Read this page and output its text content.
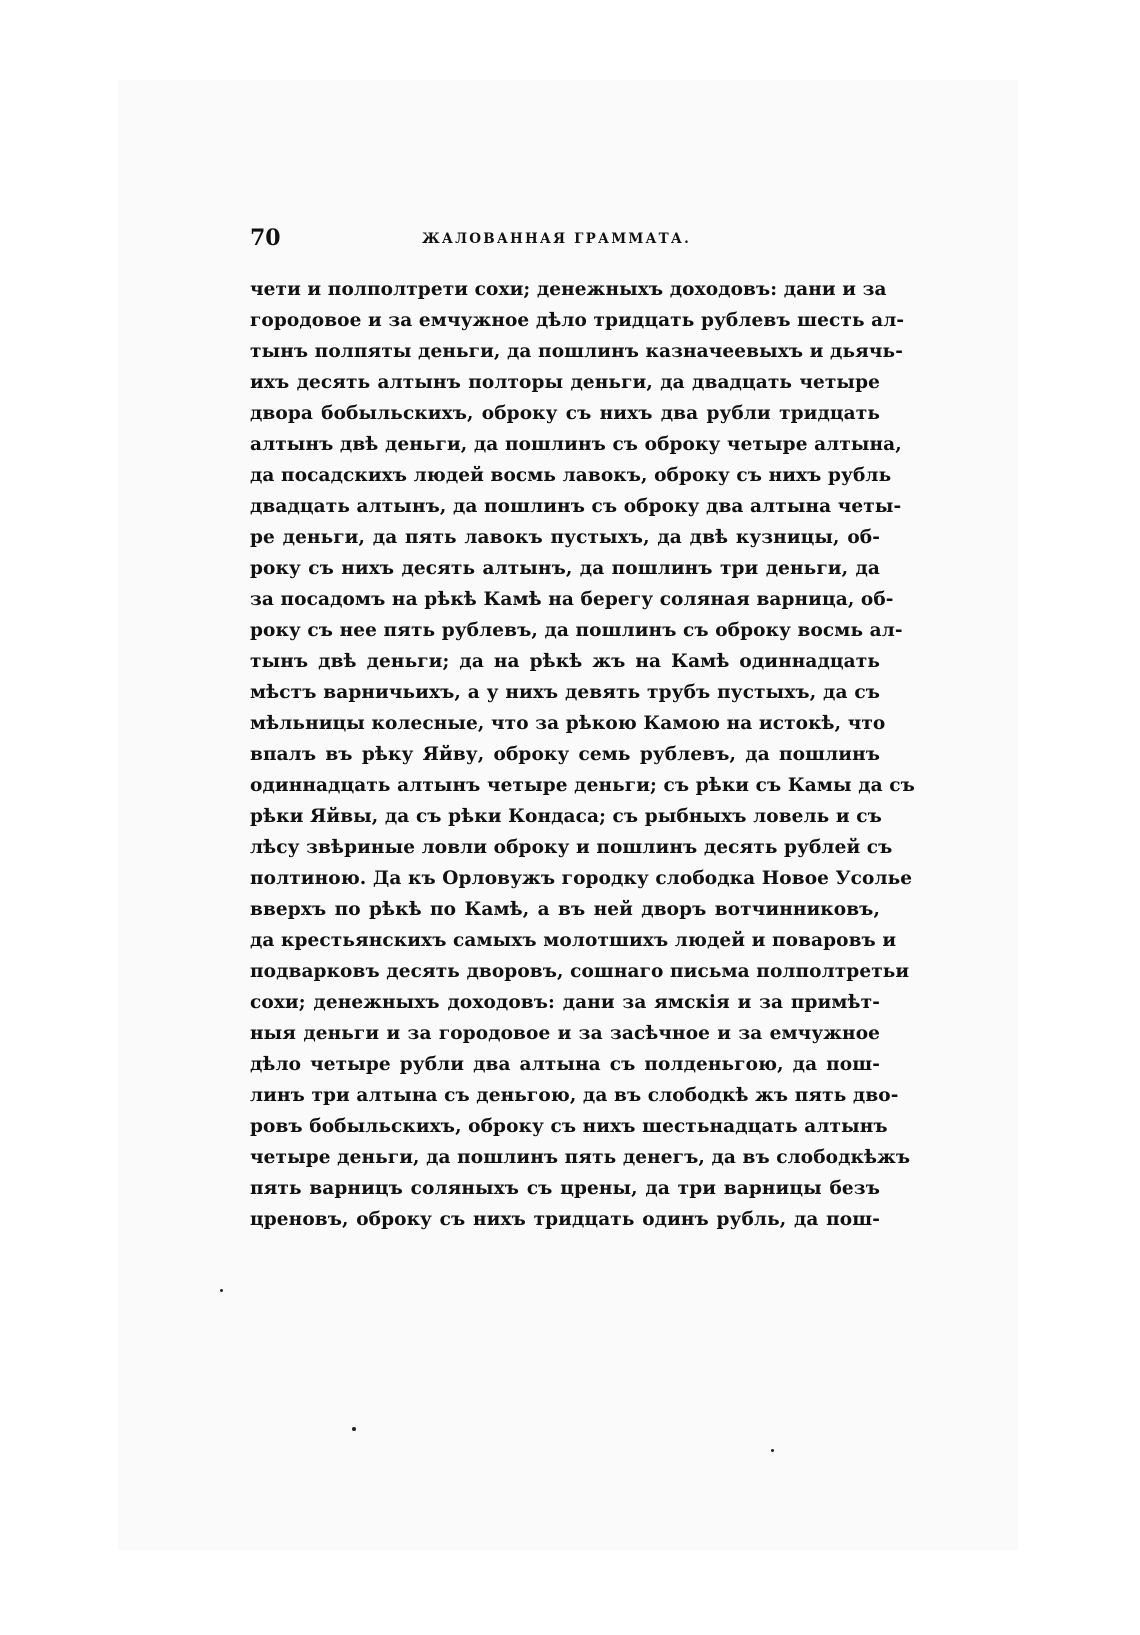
70	ЖАЛОВАННАЯ ГРАММАТА.
чети и полполтрети сохи; денежныхъ доходовъ: дани и за
городовое и за емчужное дѣло тридцать рублевъ шесть ал-
тынъ полпяты деньги, да пошлинъ казначеевыхъ и дьячь-
ихъ десять алтынъ полторы деньги, да двадцать четыре
двора бобыльскихъ, оброку съ нихъ два рубли тридцать
алтынъ двѣ деньги, да пошлинъ съ оброку четыре алтына,
да посадскихъ людей восмь лавокъ, оброку съ нихъ рубль
двадцать алтынъ, да пошлинъ съ оброку два алтына четы-
ре деньги, да пять лавокъ пустыхъ, да двѣ кузницы, об-
року съ нихъ десять алтынъ, да пошлинъ три деньги, да
за посадомъ на рѣкѣ Камѣ на берегу соляная варница, об-
року съ нее пять рублевъ, да пошлинъ съ оброку восмь ал-
тынъ двѣ деньги; да на рѣкѣ жъ на Камѣ одиннадцать
мѣстъ варничьихъ, а у нихъ девять трубъ пустыхъ, да съ
мѣльницы колесные, что за рѣкою Камою на истокѣ, что
впалъ въ рѣку Яйву, оброку семь рублевъ, да пошлинъ
одиннадцать алтынъ четыре деньги; съ рѣки съ Камы да съ
рѣки Яйвы, да съ рѣки Кондаса; съ рыбныхъ ловель и съ
лѣсу звѣриные ловли оброку и пошлинъ десять рублей съ
полтиною. Да къ Орловужъ городку слободка Новое Усолье
вверхъ по рѣкѣ по Камѣ, а въ ней дворъ вотчинниковъ,
да крестьянскихъ самыхъ молотшихъ людей и поваровъ и
подварковъ десять дворовъ, сошнаго письма полполтретьи
сохи; денежныхъ доходовъ: дани за ямскія и за примѣт-
ныя деньги и за городовое и за засѣчное и за емчужное
дѣло четыре рубли два алтына съ полденьгою, да пош-
линъ три алтына съ деньгою, да въ слободкѣ жъ пять дво-
ровъ бобыльскихъ, оброку съ нихъ шестьнадцать алтынъ
четыре деньги, да пошлинъ пять денегъ, да въ слободкѣжъ
пять варницъ соляныхъ съ црены, да три варницы безъ
цреновъ, оброку съ нихъ тридцать одинъ рубль, да пош-
